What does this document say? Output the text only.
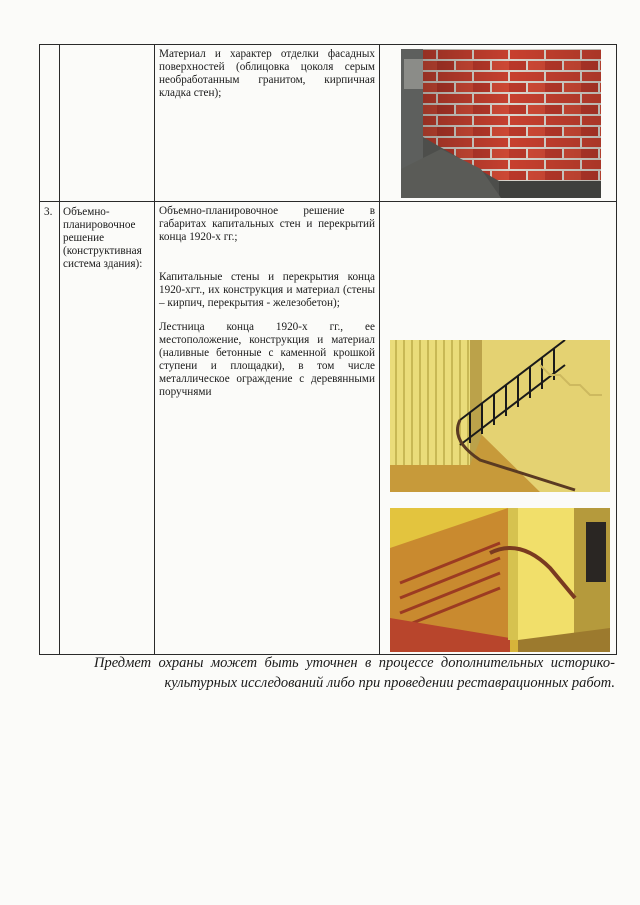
		Материал и характер отделки фасадных поверхностей (облицовка цоколя серым необработанным гранитом, кирпичная кладка стен);

3.	Объемно-планировочное решение (конструктивная система здания):	Объемно-планировочное решение в габаритах капитальных стен и перекрытий конца 1920-х гг.;
Капитальные стены и перекрытия конца 1920-хгт., их конструкция и материал (стены – кирпич, перекрытия - железобетон);
Лестница конца 1920-х гг., ее местоположение, конструкция и материал (наливные бетонные с каменной крошкой ступени и площадки), в том числе металлическое ограждение с деревянными поручнями

Предмет охраны может быть уточнен в процессе дополнительных историко-культурных исследований либо при проведении реставрационных работ.
